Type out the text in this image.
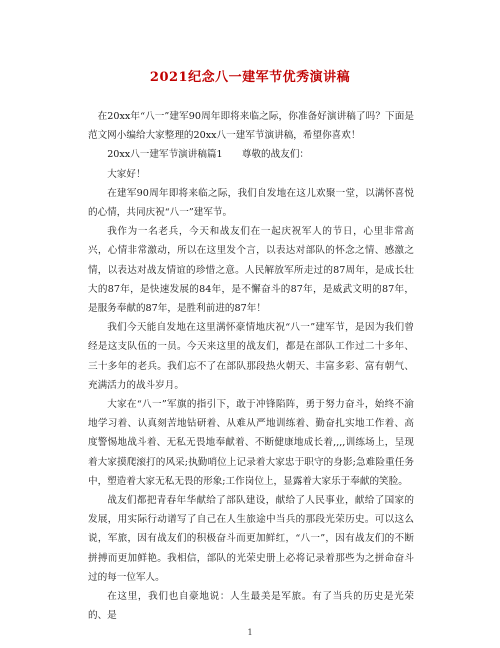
2021纪念八一建军节优秀演讲稿

在20xx年“八一”建军90周年即将来临之际，你准备好演讲稿了吗？下面是范文网小编给大家整理的20xx八一建军节演讲稿，希望你喜欢！

20xx八一建军节演讲稿篇1　　尊敬的战友们：

大家好！

在建军90周年即将来临之际，我们自发地在这儿欢聚一堂，以满怀喜悦的心情，共同庆祝“八一”建军节。

我作为一名老兵，今天和战友们在一起庆祝军人的节日，心里非常高兴，心情非常激动，所以在这里发个言，以表达对部队的怀念之情、感激之情，以表达对战友情谊的珍惜之意。人民解放军所走过的87周年，是成长壮大的87年，是快速发展的84年，是不懈奋斗的87年，是威武文明的87年，是服务奉献的87年，是胜利前进的87年！

我们今天能自发地在这里满怀豪情地庆祝“八一”建军节，是因为我们曾经是这支队伍的一员。今天来这里的战友们，都是在部队工作过二十多年、三十多年的老兵。我们忘不了在部队那段热火朝天、丰富多彩、富有朝气、充满活力的战斗岁月。

大家在“八一”军旗的指引下，敢于冲锋陷阵，勇于努力奋斗，始终不渝地学习着、认真刻苦地钻研着、从难从严地训练着、勤奋扎实地工作着、高度警惕地战斗着、无私无畏地奉献着、不断健康地成长着,,,,训练场上，呈现着大家摸爬滚打的风采;执勤哨位上记录着大家忠于职守的身影;急难险重任务中，塑造着大家无私无畏的形象;工作岗位上，显露着大家乐于奉献的笑脸。

战友们都把青春年华献给了部队建设，献给了人民事业，献给了国家的发展，用实际行动谱写了自己在人生旅途中当兵的那段光荣历史。可以这么说，军旅，因有战友们的积极奋斗而更加鲜红，“八一”，因有战友们的不断拼搏而更加鲜艳。我相信，部队的光荣史册上必将记录着那些为之拼命奋斗过的每一位军人。

在这里，我们也自豪地说：人生最美是军旅。有了当兵的历史是光荣的、是

1
